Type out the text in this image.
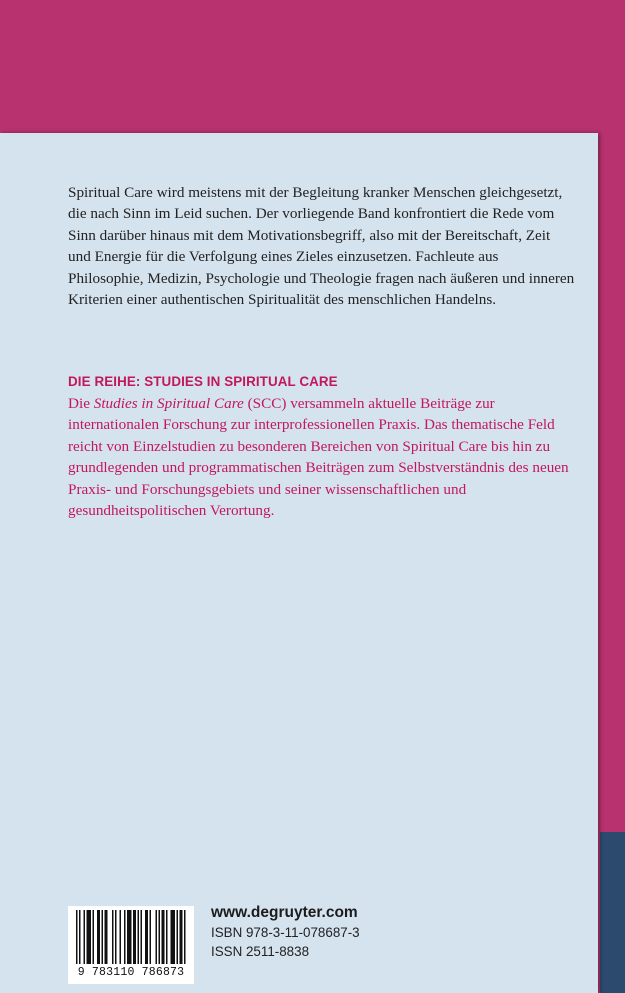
Spiritual Care wird meistens mit der Begleitung kranker Menschen gleichgesetzt, die nach Sinn im Leid suchen. Der vorliegende Band konfrontiert die Rede vom Sinn darüber hinaus mit dem Motivationsbegriff, also mit der Bereitschaft, Zeit und Energie für die Verfolgung eines Zieles einzusetzen. Fachleute aus Philosophie, Medizin, Psychologie und Theologie fragen nach äußeren und inneren Kriterien einer authentischen Spiritualität des menschlichen Handelns.

DIE REIHE: STUDIES IN SPIRITUAL CARE

Die Studies in Spiritual Care (SCC) versammeln aktuelle Beiträge zur internationalen Forschung zur interprofessionellen Praxis. Das thematische Feld reicht von Einzelstudien zu besonderen Bereichen von Spiritual Care bis hin zu grundlegenden und programmatischen Beiträgen zum Selbstverständnis des neuen Praxis- und Forschungsgebiets und seiner wissenschaftlichen und gesundheitspolitischen Verortung.

9 783110 786873
www.degruyter.com
ISBN 978-3-11-078687-3
ISSN 2511-8838
